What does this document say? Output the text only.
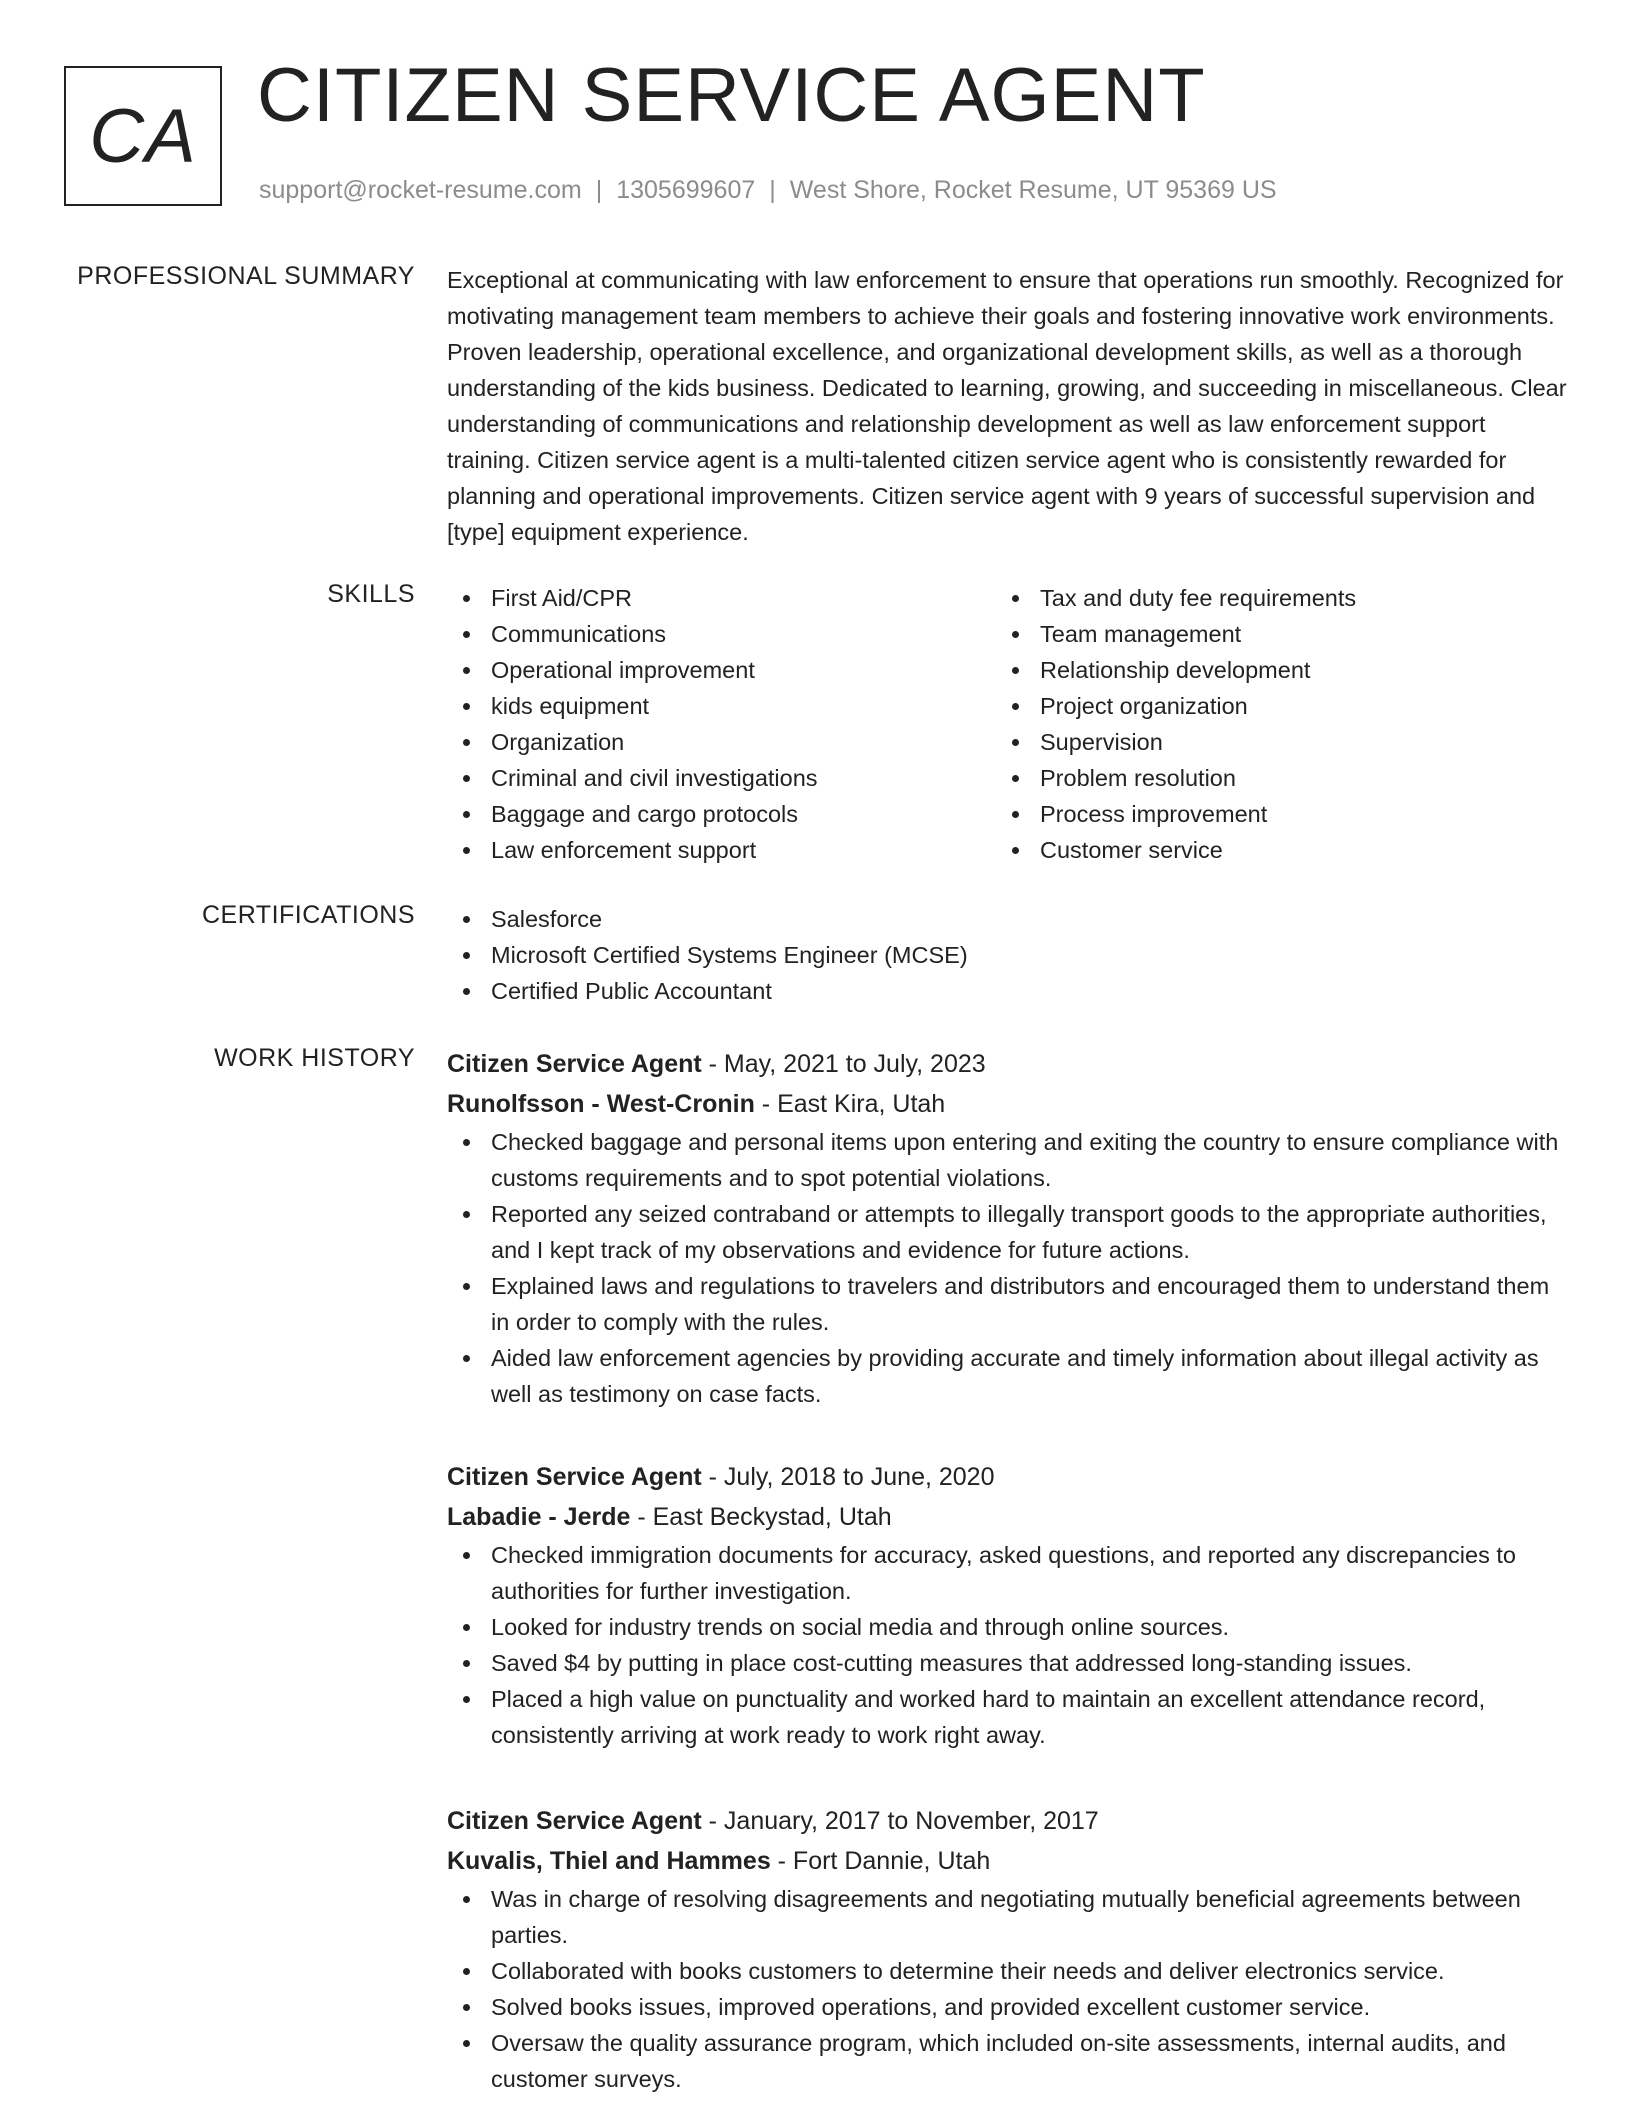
CA CITIZEN SERVICE AGENT
support@rocket-resume.com | 1305699607 | West Shore, Rocket Resume, UT 95369 US
PROFESSIONAL SUMMARY Exceptional at communicating with law enforcement to ensure that operations run smoothly. Recognized for motivating management team members to achieve their goals and fostering innovative work environments. Proven leadership, operational excellence, and organizational development skills, as well as a thorough understanding of the kids business. Dedicated to learning, growing, and succeeding in miscellaneous. Clear understanding of communications and relationship development as well as law enforcement support training. Citizen service agent is a multi-talented citizen service agent who is consistently rewarded for planning and operational improvements. Citizen service agent with 9 years of successful supervision and [type] equipment experience.

SKILLS	First Aid/CPR
Communications
Operational improvement
kids equipment
Organization
Criminal and civil investigations
Baggage and cargo protocols
Law enforcement support
Tax and duty fee requirements
Team management
Relationship development
Project organization
Supervision
Problem resolution
Process improvement
Customer service
CERTIFICATIONS	Salesforce
Microsoft Certified Systems Engineer (MCSE)
Certified Public Accountant
WORK HISTORY Citizen Service Agent - May, 2021 to July, 2023
Runolfsson - West-Cronin - East Kira, Utah
Checked baggage and personal items upon entering and exiting the country to ensure compliance with customs requirements and to spot potential violations.
Reported any seized contraband or attempts to illegally transport goods to the appropriate authorities, and I kept track of my observations and evidence for future actions.
Explained laws and regulations to travelers and distributors and encouraged them to understand them in order to comply with the rules.
Aided law enforcement agencies by providing accurate and timely information about illegal activity as well as testimony on case facts.
Citizen Service Agent - July, 2018 to June, 2020
Labadie - Jerde - East Beckystad, Utah
Checked immigration documents for accuracy, asked questions, and reported any discrepancies to authorities for further investigation.
Looked for industry trends on social media and through online sources.
Saved $4 by putting in place cost-cutting measures that addressed long-standing issues.
Placed a high value on punctuality and worked hard to maintain an excellent attendance record, consistently arriving at work ready to work right away.
Citizen Service Agent - January, 2017 to November, 2017
Kuvalis, Thiel and Hammes - Fort Dannie, Utah
Was in charge of resolving disagreements and negotiating mutually beneficial agreements between parties.
Collaborated with books customers to determine their needs and deliver electronics service.
Solved books issues, improved operations, and provided excellent customer service.
Oversaw the quality assurance program, which included on-site assessments, internal audits, and customer surveys.
